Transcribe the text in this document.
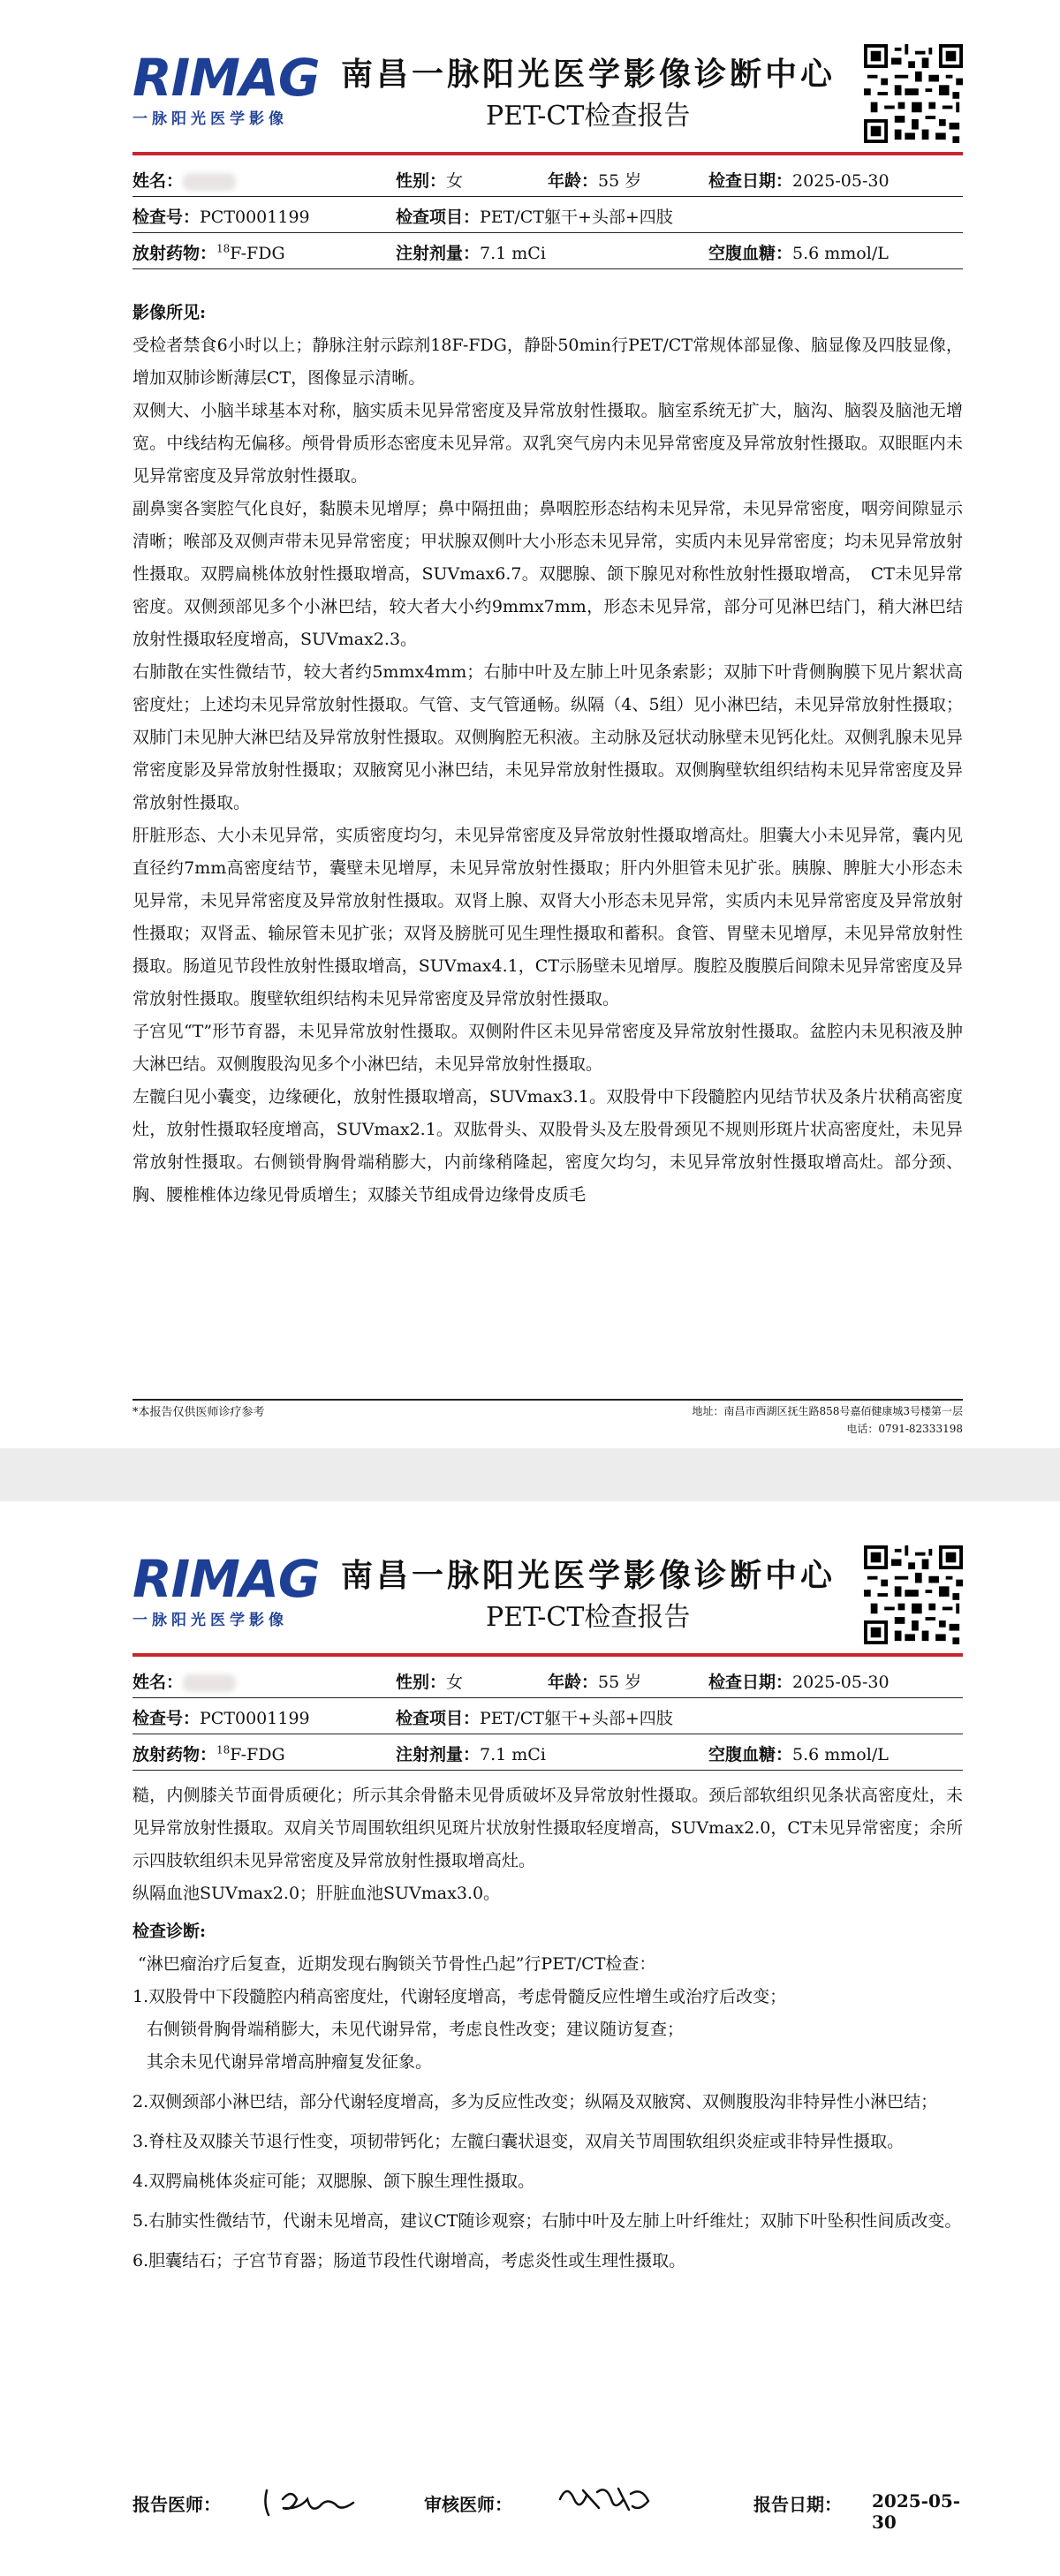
RIMAG
一脉阳光医学影像
南昌一脉阳光医学影像诊断中心
PET-CT检查报告
姓名：	性别：女	年龄：55 岁	检查日期：2025-05-30
检查号：PCT0001199	检查项目：PET/CT躯干+头部+四肢
放射药物：$^{18}$F-FDG	注射剂量：7.1 mCi	空腹血糖：5.6 mmol/L

影像所见:

受检者禁食6小时以上；静脉注射示踪剂18F-FDG，静卧50min行PET/CT常规体部显像、脑显像及四肢显像，增加双肺诊断薄层CT，图像显示清晰。

双侧大、小脑半球基本对称，脑实质未见异常密度及异常放射性摄取。脑室系统无扩大，脑沟、脑裂及脑池无增宽。中线结构无偏移。颅骨骨质形态密度未见异常。双乳突气房内未见异常密度及异常放射性摄取。双眼眶内未见异常密度及异常放射性摄取。

副鼻窦各窦腔气化良好，黏膜未见增厚；鼻中隔扭曲；鼻咽腔形态结构未见异常，未见异常密度，咽旁间隙显示清晰；喉部及双侧声带未见异常密度；甲状腺双侧叶大小形态未见异常，实质内未见异常密度；均未见异常放射性摄取。双腭扁桃体放射性摄取增高，SUVmax6.7。双腮腺、颌下腺见对称性放射性摄取增高，　CT未见异常密度。双侧颈部见多个小淋巴结，较大者大小约9mmx7mm，形态未见异常，部分可见淋巴结门，稍大淋巴结放射性摄取轻度增高，SUVmax2.3。

右肺散在实性微结节，较大者约5mmx4mm；右肺中叶及左肺上叶见条索影；双肺下叶背侧胸膜下见片絮状高密度灶；上述均未见异常放射性摄取。气管、支气管通畅。纵隔（4、5组）见小淋巴结，未见异常放射性摄取；双肺门未见肿大淋巴结及异常放射性摄取。双侧胸腔无积液。主动脉及冠状动脉壁未见钙化灶。双侧乳腺未见异常密度影及异常放射性摄取；双腋窝见小淋巴结，未见异常放射性摄取。双侧胸壁软组织结构未见异常密度及异常放射性摄取。

肝脏形态、大小未见异常，实质密度均匀，未见异常密度及异常放射性摄取增高灶。胆囊大小未见异常，囊内见直径约7mm高密度结节，囊壁未见增厚，未见异常放射性摄取；肝内外胆管未见扩张。胰腺、脾脏大小形态未见异常，未见异常密度及异常放射性摄取。双肾上腺、双肾大小形态未见异常，实质内未见异常密度及异常放射性摄取；双肾盂、输尿管未见扩张；双肾及膀胱可见生理性摄取和蓄积。食管、胃壁未见增厚，未见异常放射性摄取。肠道见节段性放射性摄取增高，SUVmax4.1，CT示肠壁未见增厚。腹腔及腹膜后间隙未见异常密度及异常放射性摄取。腹壁软组织结构未见异常密度及异常放射性摄取。

子宫见“T”形节育器，未见异常放射性摄取。双侧附件区未见异常密度及异常放射性摄取。盆腔内未见积液及肿大淋巴结。双侧腹股沟见多个小淋巴结，未见异常放射性摄取。

左髋臼见小囊变，边缘硬化，放射性摄取增高，SUVmax3.1。双股骨中下段髓腔内见结节状及条片状稍高密度灶，放射性摄取轻度增高，SUVmax2.1。双肱骨头、双股骨头及左股骨颈见不规则形斑片状高密度灶，未见异常放射性摄取。右侧锁骨胸骨端稍膨大，内前缘稍隆起，密度欠均匀，未见异常放射性摄取增高灶。部分颈、胸、腰椎椎体边缘见骨质增生；双膝关节组成骨边缘骨皮质毛

*本报告仅供医师诊疗参考	地址：南昌市西湖区抚生路858号嘉佰健康城3号楼第一层
电话：0791-82333198
RIMAG
一脉阳光医学影像
南昌一脉阳光医学影像诊断中心
PET-CT检查报告
姓名：	性别：女	年龄：55 岁	检查日期：2025-05-30
检查号：PCT0001199	检查项目：PET/CT躯干+头部+四肢
放射药物：$^{18}$F-FDG	注射剂量：7.1 mCi	空腹血糖：5.6 mmol/L

糙，内侧膝关节面骨质硬化；所示其余骨骼未见骨质破坏及异常放射性摄取。颈后部软组织见条状高密度灶，未见异常放射性摄取。双肩关节周围软组织见斑片状放射性摄取轻度增高，SUVmax2.0，CT未见异常密度；余所示四肢软组织未见异常密度及异常放射性摄取增高灶。

纵隔血池SUVmax2.0；肝脏血池SUVmax3.0。

检查诊断:

“淋巴瘤治疗后复查，近期发现右胸锁关节骨性凸起”行PET/CT检查：

1.双股骨中下段髓腔内稍高密度灶，代谢轻度增高，考虑骨髓反应性增生或治疗后改变；

右侧锁骨胸骨端稍膨大，未见代谢异常，考虑良性改变；建议随访复查；

其余未见代谢异常增高肿瘤复发征象。

2.双侧颈部小淋巴结，部分代谢轻度增高，多为反应性改变；纵隔及双腋窝、双侧腹股沟非特异性小淋巴结；

3.脊柱及双膝关节退行性变，项韧带钙化；左髋臼囊状退变，双肩关节周围软组织炎症或非特异性摄取。

4.双腭扁桃体炎症可能；双腮腺、颌下腺生理性摄取。

5.右肺实性微结节，代谢未见增高，建议CT随诊观察；右肺中叶及左肺上叶纤维灶；双肺下叶坠积性间质改变。

6.胆囊结石；子宫节育器；肠道节段性代谢增高，考虑炎性或生理性摄取。

报告医师：	审核医师：	报告日期： 2025-05-30
